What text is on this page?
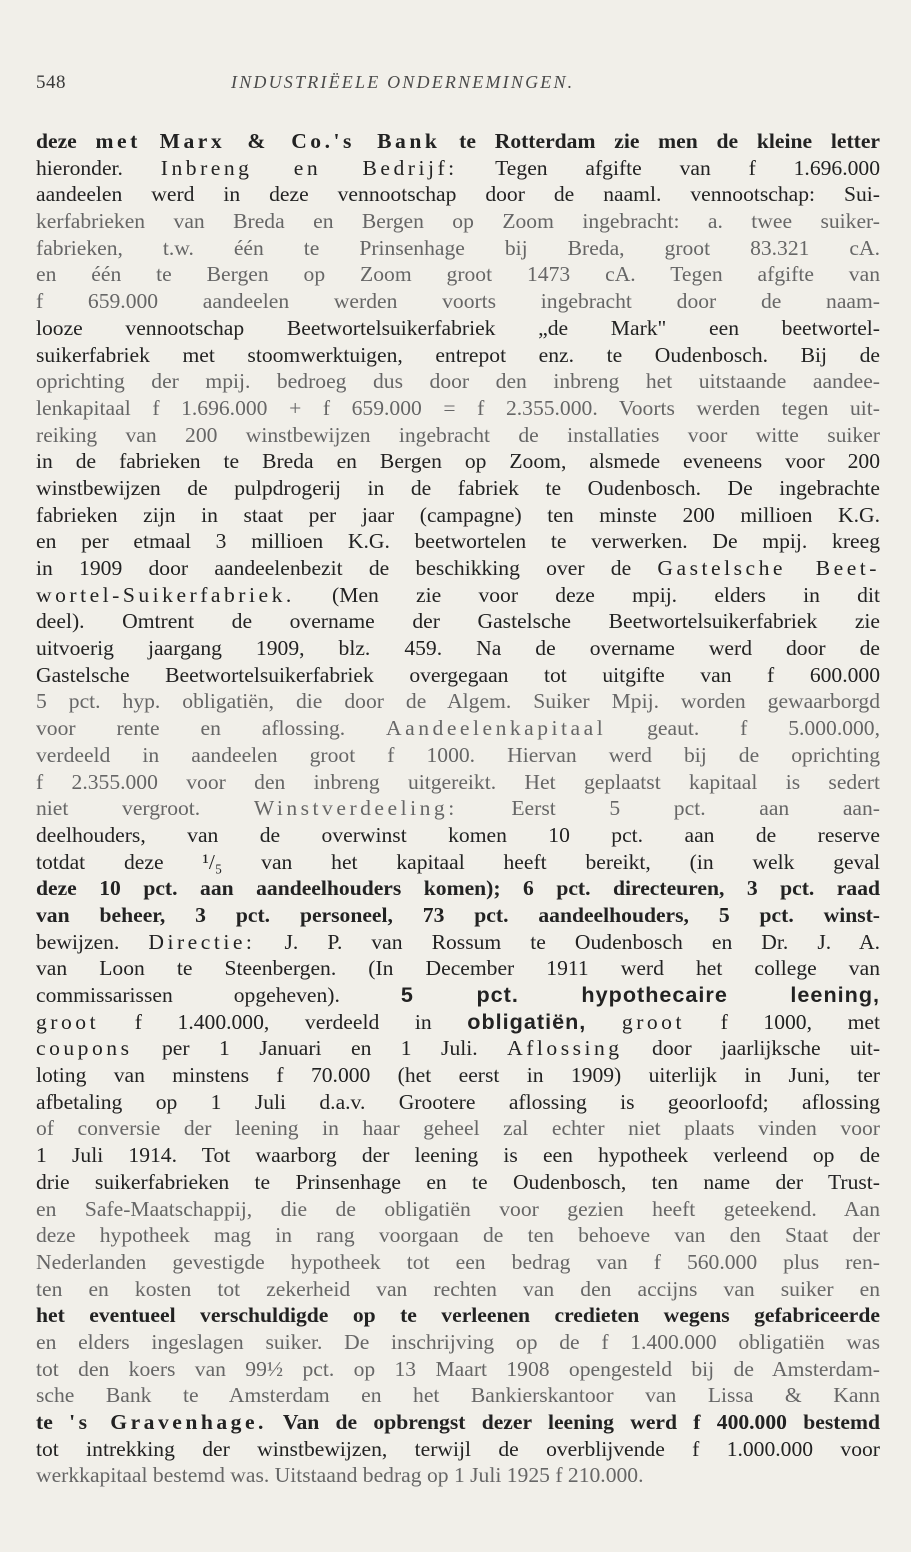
548	INDUSTRIËELE ONDERNEMINGEN.
deze met Marx & Co.'s Bank te Rotterdam zie men de kleine letter
hieronder. Inbreng en Bedrijf: Tegen afgifte van f 1.696.000
aandeelen werd in deze vennootschap door de naaml. vennootschap: Sui-
kerfabrieken van Breda en Bergen op Zoom ingebracht: a. twee suiker-
fabrieken, t.w. één te Prinsenhage bij Breda, groot 83.321 cA.
en één te Bergen op Zoom groot 1473 cA. Tegen afgifte van
f 659.000 aandeelen werden voorts ingebracht door de naam-
looze vennootschap Beetwortelsuikerfabriek „de Mark" een beetwortel-
suikerfabriek met stoomwerktuigen, entrepot enz. te Oudenbosch. Bij de
oprichting der mpij. bedroeg dus door den inbreng het uitstaande aandee-
lenkapitaal f 1.696.000 + f 659.000 = f 2.355.000. Voorts werden tegen uit-
reiking van 200 winstbewijzen ingebracht de installaties voor witte suiker
in de fabrieken te Breda en Bergen op Zoom, alsmede eveneens voor 200
winstbewijzen de pulpdrogerij in de fabriek te Oudenbosch. De ingebrachte
fabrieken zijn in staat per jaar (campagne) ten minste 200 millioen K.G.
en per etmaal 3 millioen K.G. beetwortelen te verwerken. De mpij. kreeg
in 1909 door aandeelenbezit de beschikking over de Gastelsche Beet-
wortel-Suikerfabriek. (Men zie voor deze mpij. elders in dit
deel). Omtrent de overname der Gastelsche Beetwortelsuikerfabriek zie
uitvoerig jaargang 1909, blz. 459. Na de overname werd door de
Gastelsche Beetwortelsuikerfabriek overgegaan tot uitgifte van f 600.000
5 pct. hyp. obligatiën, die door de Algem. Suiker Mpij. worden gewaarborgd
voor rente en aflossing. Aandeelenkapitaal geaut. f 5.000.000,
verdeeld in aandeelen groot f 1000. Hiervan werd bij de oprichting
f 2.355.000 voor den inbreng uitgereikt. Het geplaatst kapitaal is sedert
niet vergroot. Winstverdeeling: Eerst 5 pct. aan aan-
deelhouders, van de overwinst komen 10 pct. aan de reserve
totdat deze ¹/₅ van het kapitaal heeft bereikt, (in welk geval
deze 10 pct. aan aandeelhouders komen); 6 pct. directeuren, 3 pct. raad
van beheer, 3 pct. personeel, 73 pct. aandeelhouders, 5 pct. winst-
bewijzen. Directie: J. P. van Rossum te Oudenbosch en Dr. J. A.
van Loon te Steenbergen. (In December 1911 werd het college van
commissarissen opgeheven).	5 pct. hypothecaire leening,
groot f 1.400.000, verdeeld in obligatiën, groot f 1000, met
coupons per 1 Januari en 1 Juli. Aflossing door jaarlijksche uit-
loting van minstens f 70.000 (het eerst in 1909) uiterlijk in Juni, ter
afbetaling op 1 Juli d.a.v. Grootere aflossing is geoorloofd; aflossing
of conversie der leening in haar geheel zal echter niet plaats vinden voor
1 Juli 1914. Tot waarborg der leening is een hypotheek verleend op de
drie suikerfabrieken te Prinsenhage en te Oudenbosch, ten name der Trust-
en Safe-Maatschappij, die de obligatiën voor gezien heeft geteekend. Aan
deze hypotheek mag in rang voorgaan de ten behoeve van den Staat der
Nederlanden gevestigde hypotheek tot een bedrag van f 560.000 plus ren-
ten en kosten tot zekerheid van rechten van den accijns van suiker en
het eventueel verschuldigde op te verleenen credieten wegens gefabriceerde
en elders ingeslagen suiker. De inschrijving op de f 1.400.000 obligatiën was
tot den koers van 99½ pct. op 13 Maart 1908 opengesteld bij de Amsterdam-
sche Bank te Amsterdam en het Bankierskantoor van Lissa & Kann
te 's Gravenhage. Van de opbrengst dezer leening werd f 400.000 bestemd
tot intrekking der winstbewijzen, terwijl de overblijvende f 1.000.000 voor
werkkapitaal bestemd was. Uitstaand bedrag op 1 Juli 1925 f 210.000.
